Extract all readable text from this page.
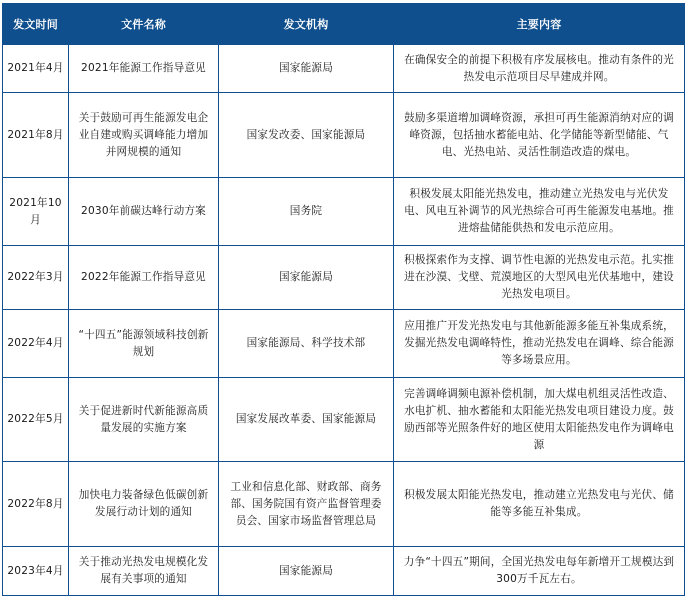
发文时间	文件名称	发文机构	主要内容
2021年4月	2021年能源工作指导意见	国家能源局	在确保安全的前提下积极有序发展核电。推动有条件的光热发电示范项目尽早建成并网。
2021年8月	关于鼓励可再生能源发电企业自建或购买调峰能力增加并网规模的通知	国家发改委、国家能源局	鼓励多渠道增加调峰资源，承担可再生能源消纳对应的调峰资源，包括抽水蓄能电站、化学储能等新型储能、气电、光热电站、灵活性制造改造的煤电。
2021年10月	2030年前碳达峰行动方案	国务院	积极发展太阳能光热发电，推动建立光热发电与光伏发电、风电互补调节的风光热综合可再生能源发电基地。推进熔盐储能供热和发电示范应用。
2022年3月	2022年能源工作指导意见	国家能源局	积极探索作为支撑、调节性电源的光热发电示范。扎实推进在沙漠、戈壁、荒漠地区的大型风电光伏基地中，建设光热发电项目。
2022年4月	“十四五”能源领域科技创新规划	国家能源局、科学技术部	应用推广开发光热发电与其他新能源多能互补集成系统，发掘光热发电调峰特性，推动光热发电在调峰、综合能源等多场景应用。
2022年5月	关于促进新时代新能源高质量发展的实施方案	国家发展改革委、国家能源局	完善调峰调频电源补偿机制，加大煤电机组灵活性改造、水电扩机、抽水蓄能和太阳能光热发电项目建设力度。鼓励西部等光照条件好的地区使用太阳能热发电作为调峰电源
2022年8月	加快电力装备绿色低碳创新发展行动计划的通知	工业和信息化部、财政部、商务部、国务院国有资产监督管理委员会、国家市场监督管理总局	积极发展太阳能光热发电，推动建立光热发电与光伏、储能等多能互补集成。
2023年4月	关于推动光热发电规模化发展有关事项的通知	国家能源局	力争“十四五”期间，全国光热发电每年新增开工规模达到300万千瓦左右。
